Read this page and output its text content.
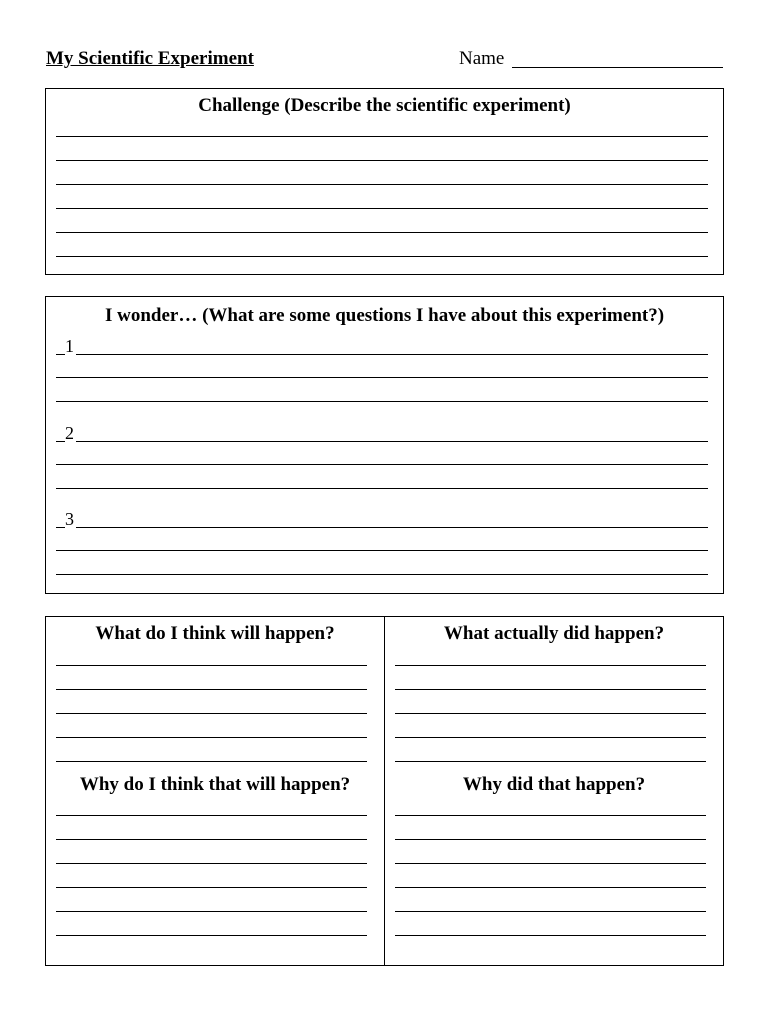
My Scientific Experiment	Name
Challenge (Describe the scientific experiment)
I wonder… (What are some questions I have about this experiment?)
1
2
3
What do I think will happen?
Why do I think that will happen?
What actually did happen?
Why did that happen?
